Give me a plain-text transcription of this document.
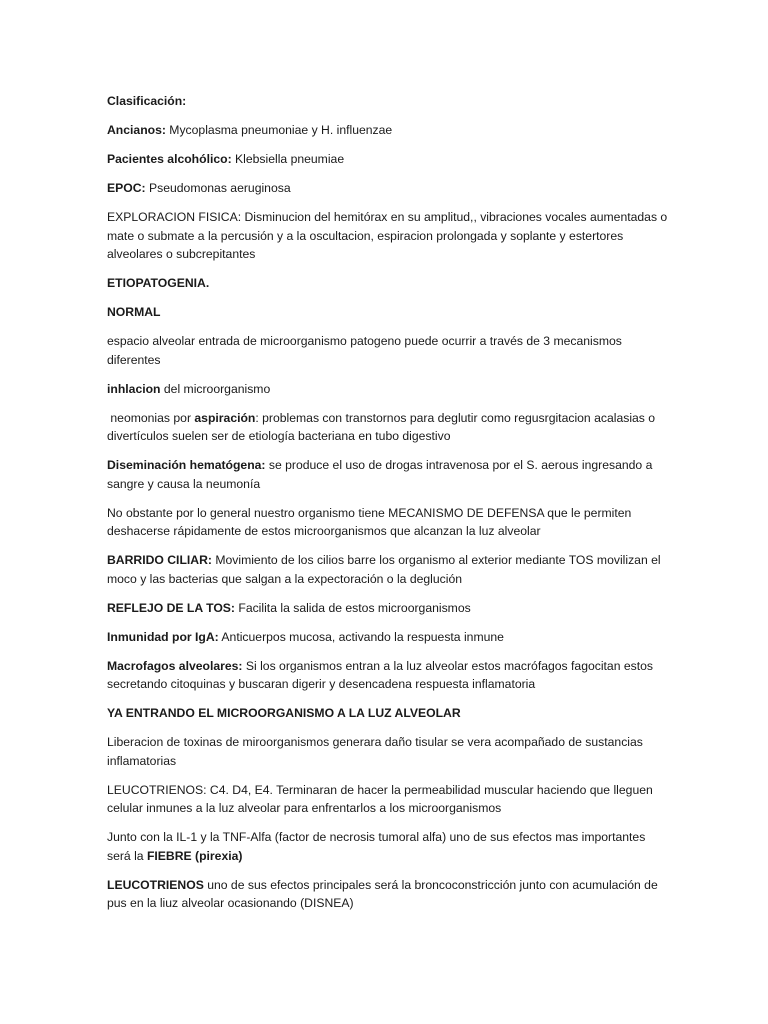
Clasificación:

Ancianos: Mycoplasma pneumoniae y H. influenzae

Pacientes alcohólico: Klebsiella pneumiae

EPOC: Pseudomonas aeruginosa

EXPLORACION FISICA: Disminucion del hemitórax en su amplitud,, vibraciones vocales aumentadas o mate o submate a la percusión y a la oscultacion, espiracion prolongada y soplante y estertores alveolares o subcrepitantes

ETIOPATOGENIA.

NORMAL

espacio alveolar entrada de microorganismo patogeno puede ocurrir a través de 3 mecanismos diferentes

inhlacion del microorganismo

neomonias por aspiración: problemas con transtornos para deglutir como regusrgitacion acalasias o divertículos suelen ser de etiología bacteriana en tubo digestivo

Diseminación hematógena: se produce el uso de drogas intravenosa por el S. aerous ingresando a sangre y causa la neumonía

No obstante por lo general nuestro organismo tiene MECANISMO DE DEFENSA que le permiten deshacerse rápidamente de estos microorganismos que alcanzan la luz alveolar

BARRIDO CILIAR: Movimiento de los cilios barre los organismo al exterior mediante TOS movilizan el moco y las bacterias que salgan a la expectoración o la deglución

REFLEJO DE LA TOS: Facilita la salida de estos microorganismos

Inmunidad por IgA: Anticuerpos mucosa, activando la respuesta inmune

Macrofagos alveolares: Si los organismos entran a la luz alveolar estos macrófagos fagocitan estos secretando citoquinas y buscaran digerir y desencadena respuesta inflamatoria

YA ENTRANDO EL MICROORGANISMO A LA LUZ ALVEOLAR

Liberacion de toxinas de miroorganismos generara daño tisular se vera acompañado de sustancias inflamatorias

LEUCOTRIENOS: C4. D4, E4. Terminaran de hacer la permeabilidad muscular haciendo que lleguen celular inmunes a la luz alveolar para enfrentarlos a los microorganismos

Junto con la IL-1 y la TNF-Alfa (factor de necrosis tumoral alfa) uno de sus efectos mas importantes será la FIEBRE (pirexia)

LEUCOTRIENOS uno de sus efectos principales será la broncoconstricción junto con acumulación de pus en la liuz alveolar ocasionando (DISNEA)
